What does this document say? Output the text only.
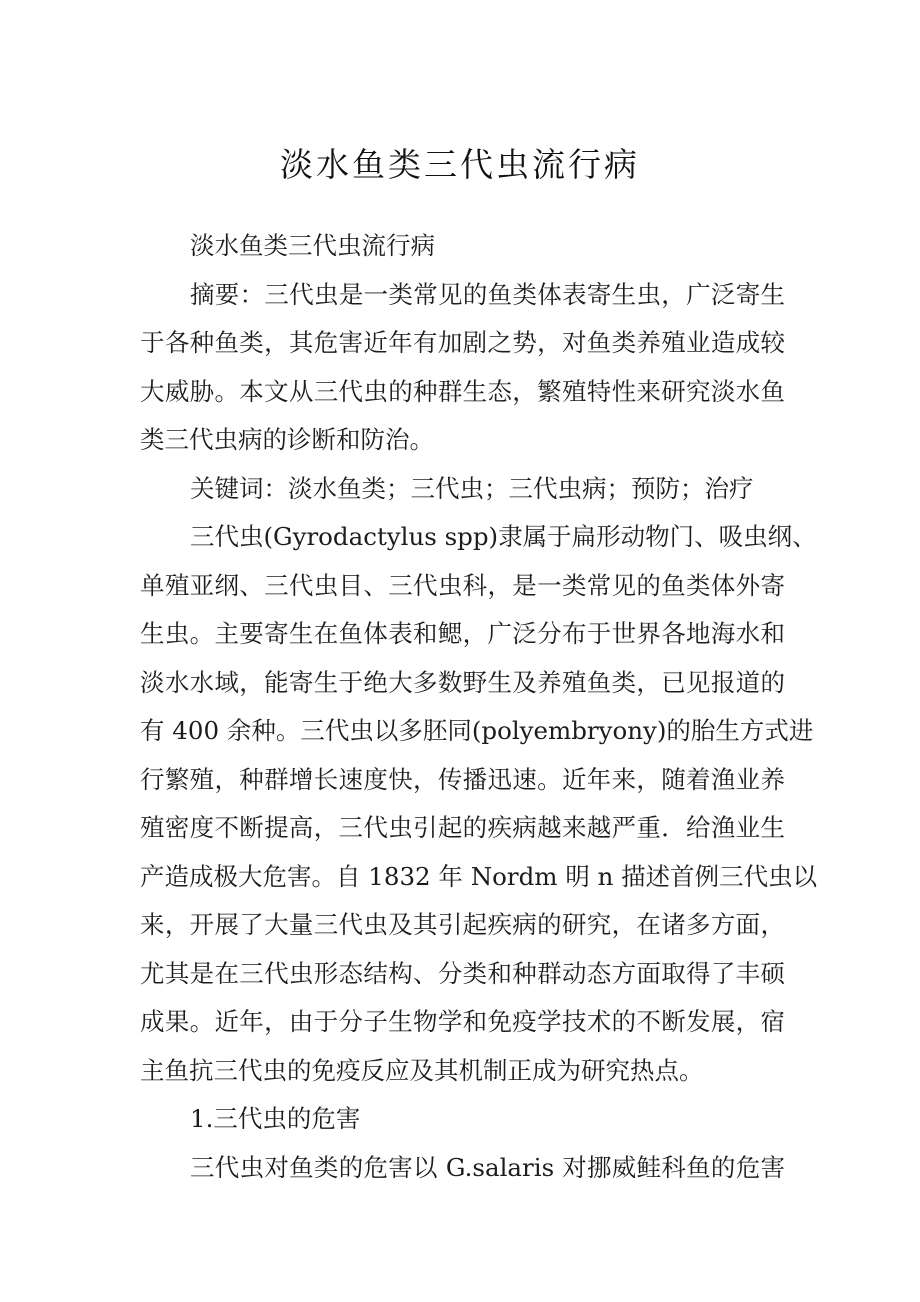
淡水鱼类三代虫流行病
淡水鱼类三代虫流行病
摘要：三代虫是一类常见的鱼类体表寄生虫，广泛寄生
于各种鱼类，其危害近年有加剧之势，对鱼类养殖业造成较
大威胁。本文从三代虫的种群生态，繁殖特性来研究淡水鱼
类三代虫病的诊断和防治。
关键词：淡水鱼类；三代虫；三代虫病；预防；治疗
三代虫(Gyrodactylus spp)隶属于扁形动物门、吸虫纲、
单殖亚纲、三代虫目、三代虫科，是一类常见的鱼类体外寄
生虫。主要寄生在鱼体表和鳃，广泛分布于世界各地海水和
淡水水域，能寄生于绝大多数野生及养殖鱼类，已见报道的
有 400 余种。三代虫以多胚同(polyembryony)的胎生方式进
行繁殖，种群增长速度快，传播迅速。近年来，随着渔业养
殖密度不断提高，三代虫引起的疾病越来越严重．给渔业生
产造成极大危害。自 1832 年 Nordm 明 n 描述首例三代虫以
来，开展了大量三代虫及其引起疾病的研究，在诸多方面，
尤其是在三代虫形态结构、分类和种群动态方面取得了丰硕
成果。近年，由于分子生物学和免疫学技术的不断发展，宿
主鱼抗三代虫的免疫反应及其机制正成为研究热点。
1.三代虫的危害
三代虫对鱼类的危害以 G.salaris 对挪威鲑科鱼的危害
